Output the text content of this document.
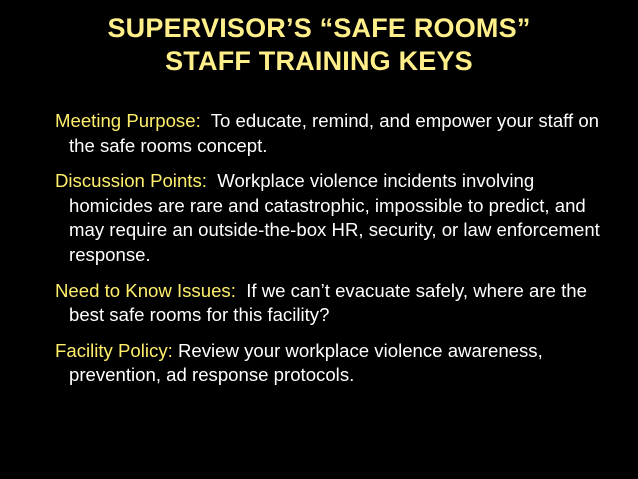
SUPERVISOR’S “SAFE ROOMS”
STAFF TRAINING KEYS

Meeting Purpose:  To educate, remind, and empower your staff on the safe rooms concept.

Discussion Points:  Workplace violence incidents involving homicides are rare and catastrophic, impossible to predict, and may require an outside-the-box HR, security, or law enforcement response.

Need to Know Issues:  If we can’t evacuate safely, where are the best safe rooms for this facility?

Facility Policy: Review your workplace violence awareness, prevention, ad response protocols.
